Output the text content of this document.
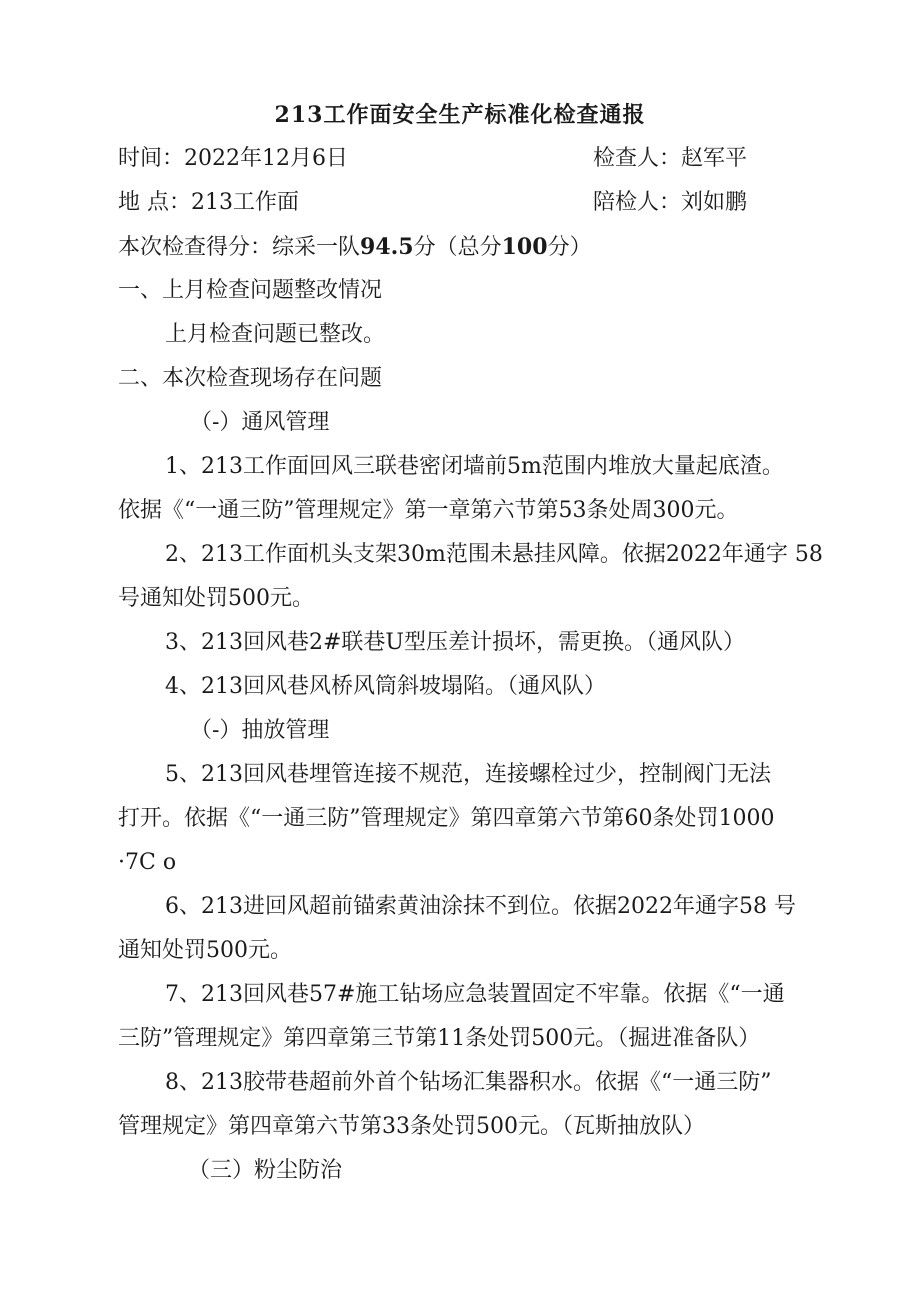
213工作面安全生产标准化检查通报
时间：2022年12月6日	检查人：赵军平
地 点：213工作面	陪检人：刘如鹏
本次检查得分：综采一队94.5分（总分100分）
一、上月检查问题整改情况
上月检查问题已整改。
二、本次检查现场存在问题
（-）通风管理
1、213工作面回风三联巷密闭墙前5m范围内堆放大量起底渣。
依据《“一通三防”管理规定》第一章第六节第53条处周300元。
2、213工作面机头支架30m范围未悬挂风障。依据2022年通字 58
号通知处罚500元。
3、213回风巷2#联巷U型压差计损坏，需更换。（通风队）
4、213回风巷风桥风筒斜坡塌陷。（通风队）
（-）抽放管理
5、213回风巷埋管连接不规范，连接螺栓过少，控制阀门无法
打开。依据《“一通三防”管理规定》第四章第六节第60条处罚1000
·7C o
6、213进回风超前锚索黄油涂抹不到位。依据2022年通字58 号
通知处罚500元。
7、213回风巷57#施工钻场应急装置固定不牢靠。依据《“一通
三防”管理规定》第四章第三节第11条处罚500元。（掘进准备队）
8、213胶带巷超前外首个钻场汇集器积水。依据《“一通三防”
管理规定》第四章第六节第33条处罚500元。（瓦斯抽放队）
（三）粉尘防治
